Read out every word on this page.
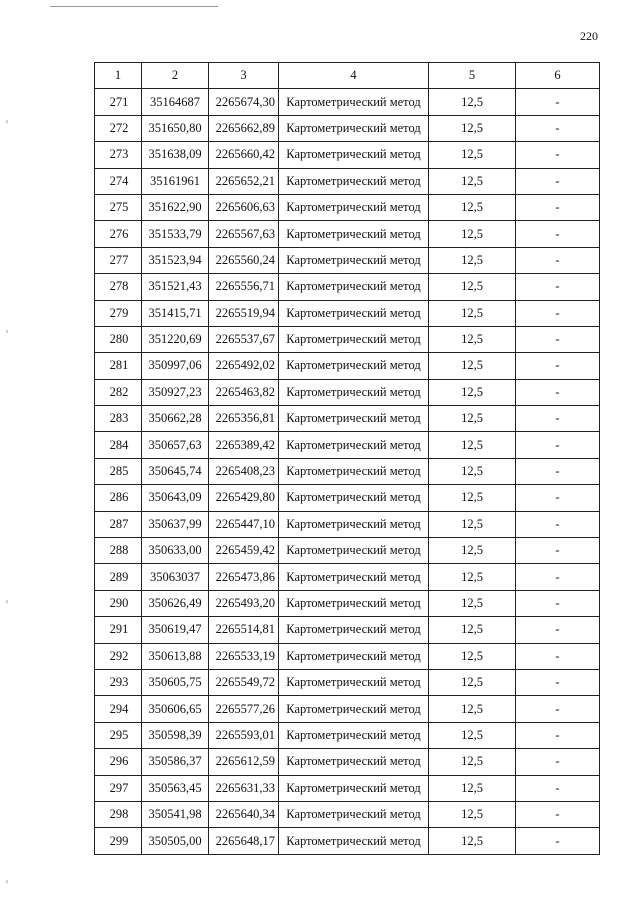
220
1	2	3	4	5	6
271	35164687	2265674,30	Картометрический метод	12,5	-
272	351650,80	2265662,89	Картометрический метод	12,5	-
273	351638,09	2265660,42	Картометрический метод	12,5	-
274	35161961	2265652,21	Картометрический метод	12,5	-
275	351622,90	2265606,63	Картометрический метод	12,5	-
276	351533,79	2265567,63	Картометрический метод	12,5	-
277	351523,94	2265560,24	Картометрический метод	12,5	-
278	351521,43	2265556,71	Картометрический метод	12,5	-
279	351415,71	2265519,94	Картометрический метод	12,5	-
280	351220,69	2265537,67	Картометрический метод	12,5	-
281	350997,06	2265492,02	Картометрический метод	12,5	-
282	350927,23	2265463,82	Картометрический метод	12,5	-
283	350662,28	2265356,81	Картометрический метод	12,5	-
284	350657,63	2265389,42	Картометрический метод	12,5	-
285	350645,74	2265408,23	Картометрический метод	12,5	-
286	350643,09	2265429,80	Картометрический метод	12,5	-
287	350637,99	2265447,10	Картометрический метод	12,5	-
288	350633,00	2265459,42	Картометрический метод	12,5	-
289	35063037	2265473,86	Картометрический метод	12,5	-
290	350626,49	2265493,20	Картометрический метод	12,5	-
291	350619,47	2265514,81	Картометрический метод	12,5	-
292	350613,88	2265533,19	Картометрический метод	12,5	-
293	350605,75	2265549,72	Картометрический метод	12,5	-
294	350606,65	2265577,26	Картометрический метод	12,5	-
295	350598,39	2265593,01	Картометрический метод	12,5	-
296	350586,37	2265612,59	Картометрический метод	12,5	-
297	350563,45	2265631,33	Картометрический метод	12,5	-
298	350541,98	2265640,34	Картометрический метод	12,5	-
299	350505,00	2265648,17	Картометрический метод	12,5	-
